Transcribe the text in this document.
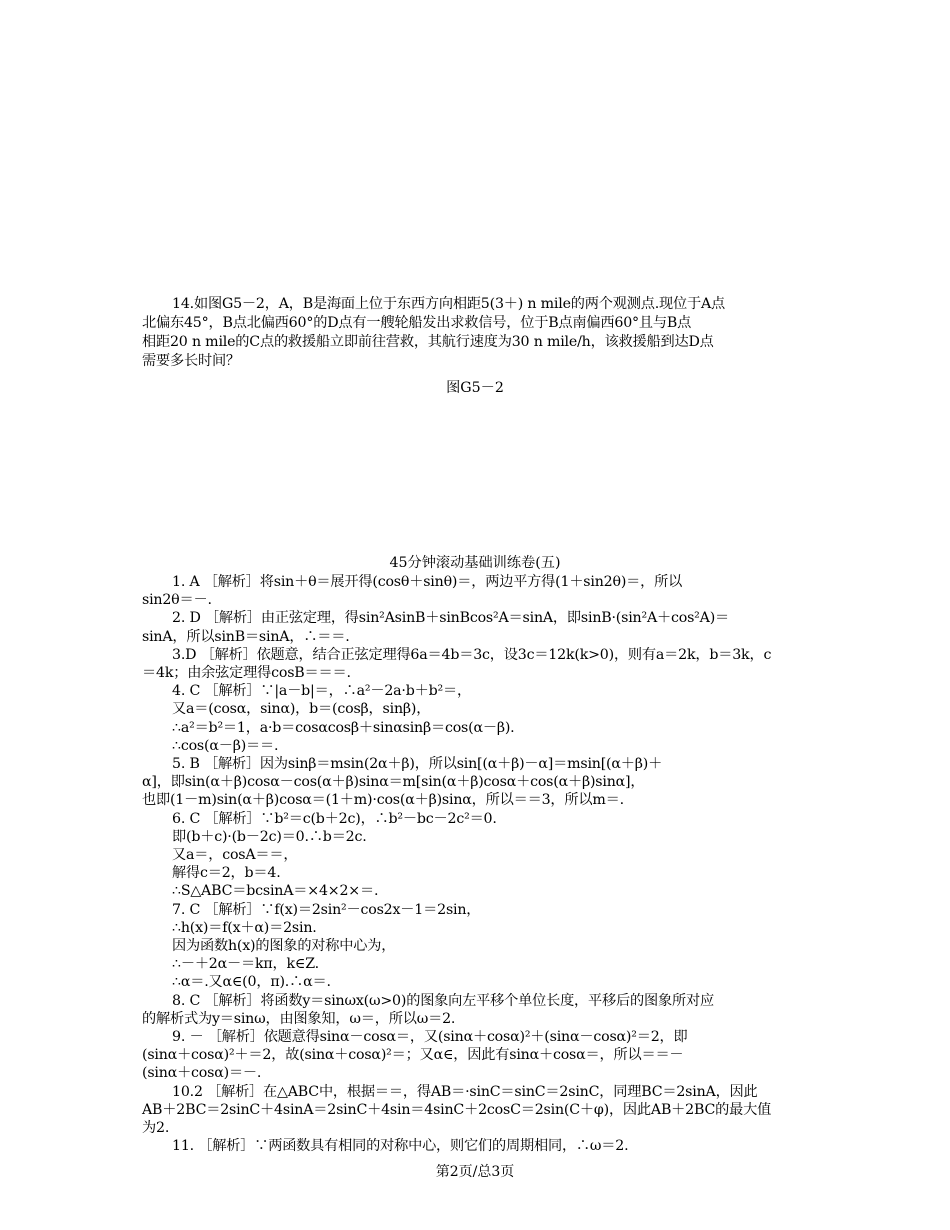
14.如图G5－2，A，B是海面上位于东西方向相距5(3＋) n mile的两个观测点.现位于A点
北偏东45°，B点北偏西60°的D点有一艘轮船发出求救信号，位于B点南偏西60°且与B点
相距20 n mile的C点的救援船立即前往营救，其航行速度为30 n mile/h，该救援船到达D点
需要多长时间？
图G5－2
45分钟滚动基础训练卷(五)
1. A ［解析］将sin＋θ＝展开得(cosθ＋sinθ)＝，两边平方得(1＋sin2θ)＝，所以
sin2θ＝－.
2. D ［解析］由正弦定理，得sin²AsinB＋sinBcos²A＝sinA，即sinB·(sin²A＋cos²A)＝
sinA，所以sinB＝sinA，∴＝＝.
3.D ［解析］依题意，结合正弦定理得6a＝4b＝3c，设3c＝12k(k>0)，则有a＝2k，b＝3k，c
＝4k；由余弦定理得cosB＝＝＝.
4. C ［解析］∵|a－b|＝，∴a²－2a·b＋b²＝，
又a＝(cosα，sinα)，b＝(cosβ，sinβ)，
∴a²＝b²＝1，a·b＝cosαcosβ＋sinαsinβ＝cos(α－β).
∴cos(α－β)＝＝.
5. B ［解析］因为sinβ＝msin(2α＋β)，所以sin[(α＋β)－α]＝msin[(α＋β)＋
α]，即sin(α＋β)cosα－cos(α＋β)sinα＝m[sin(α＋β)cosα＋cos(α＋β)sinα]，
也即(1－m)sin(α＋β)cosα＝(1＋m)·cos(α＋β)sinα，所以＝＝3，所以m＝.
6. C ［解析］∵b²＝c(b＋2c)，∴b²－bc－2c²＝0.
即(b＋c)·(b－2c)＝0.∴b＝2c.
又a＝，cosA＝＝，
解得c＝2，b＝4.
∴S△ABC＝bcsinA＝×4×2×＝.
7. C ［解析］∵f(x)＝2sin²－cos2x－1＝2sin，
∴h(x)＝f(x＋α)＝2sin.
因为函数h(x)的图象的对称中心为，
∴－＋2α－＝kπ，k∈Z.
∴α＝.又α∈(0，π).∴α＝.
8. C ［解析］将函数y＝sinωx(ω>0)的图象向左平移个单位长度，平移后的图象所对应
的解析式为y＝sinω，由图象知，ω＝，所以ω＝2.
9. － ［解析］依题意得sinα－cosα＝，又(sinα＋cosα)²＋(sinα－cosα)²＝2，即
(sinα＋cosα)²＋＝2，故(sinα＋cosα)²＝；又α∈，因此有sinα＋cosα＝，所以＝＝－
(sinα＋cosα)＝－.
10.2 ［解析］在△ABC中，根据＝＝，得AB＝·sinC＝sinC＝2sinC，同理BC＝2sinA，因此
AB＋2BC＝2sinC＋4sinA＝2sinC＋4sin＝4sinC＋2cosC＝2sin(C＋φ)，因此AB＋2BC的最大值
为2.
11. ［解析］∵两函数具有相同的对称中心，则它们的周期相同，∴ω＝2.
第2页/总3页
